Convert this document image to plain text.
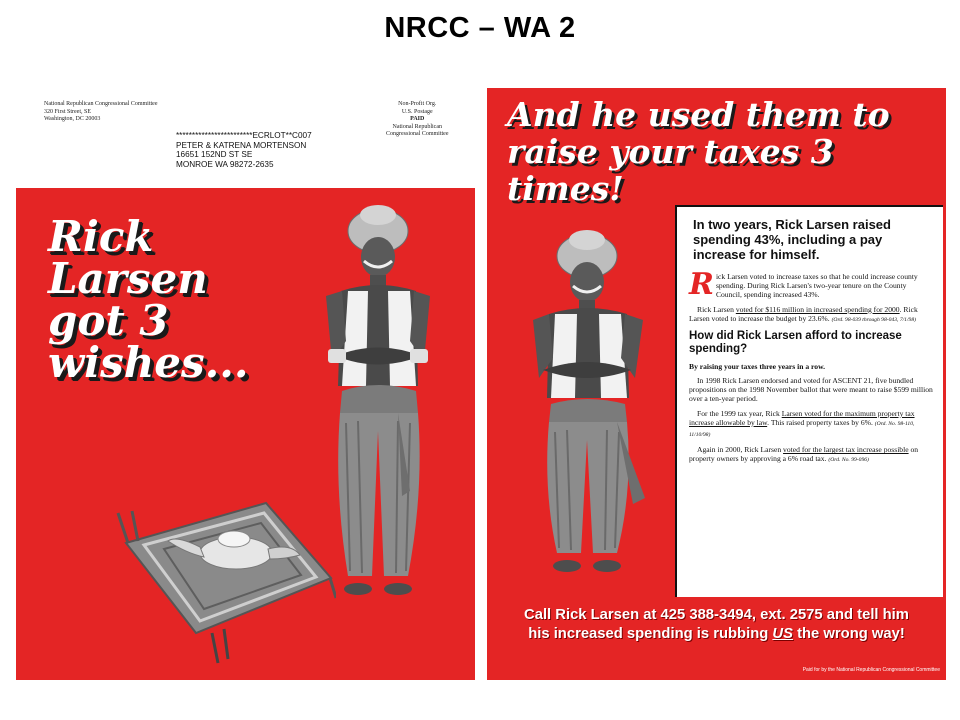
NRCC – WA 2
National Republican Congressional Committee
320 First Street, SE
Washington, DC 20003
Non-Profit Org.
U.S. Postage
PAID
National Republican
Congressional Committee
************************ECRLOT**C007
PETER & KATRENA MORTENSON
16651 152ND ST SE
MONROE WA 98272-2635
Rick
Larsen
got 3
wishes...
And he used them to
raise your taxes 3
times!
In two years, Rick Larsen raised spending 43%, including a pay increase for himself.
Rick Larsen voted to increase taxes so that he could increase county spending. During Rick Larsen's two-year tenure on the County Council, spending increased 43%.
Rick Larsen voted for $116 million in increased spending for 2000. Rick Larsen voted to increase the budget by 23.6%. (Ord. 98-039 through 98-043, 7/1/98)
How did Rick Larsen afford to increase spending?
By raising your taxes three years in a row.
In 1998 Rick Larsen endorsed and voted for ASCENT 21, five bundled propositions on the 1998 November ballot that were meant to raise $599 million over a ten-year period.
For the 1999 tax year, Rick Larsen voted for the maximum property tax increase allowable by law. This raised property taxes by 6%. (Ord. No. 98-110, 11/10/98)
Again in 2000, Rick Larsen voted for the largest tax increase possible on property owners by approving a 6% road tax. (Ord. No. 99-096)
Call Rick Larsen at 425 388-3494, ext. 2575 and tell him
his increased spending is rubbing US the wrong way!
Paid for by the National Republican Congressional Committee
